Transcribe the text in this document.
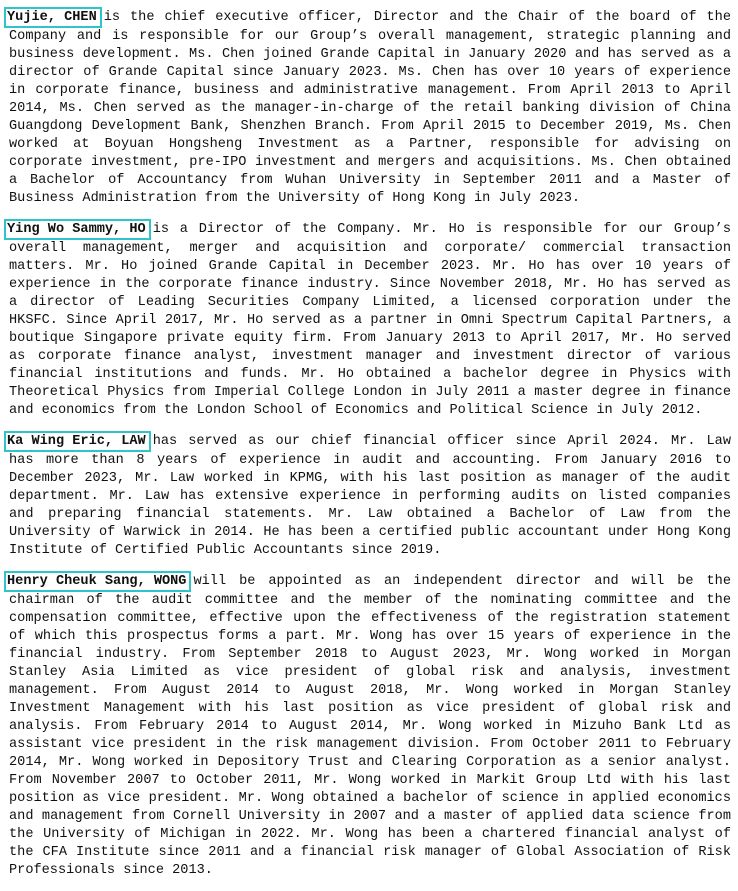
Yujie, CHEN is the chief executive officer, Director and the Chair of the board of the Company and is responsible for our Group’s overall management, strategic planning and business development. Ms. Chen joined Grande Capital in January 2020 and has served as a director of Grande Capital since January 2023. Ms. Chen has over 10 years of experience in corporate finance, business and administrative management. From April 2013 to April 2014, Ms. Chen served as the manager-in-charge of the retail banking division of China Guangdong Development Bank, Shenzhen Branch. From April 2015 to December 2019, Ms. Chen worked at Boyuan Hongsheng Investment as a Partner, responsible for advising on corporate investment, pre-IPO investment and mergers and acquisitions. Ms. Chen obtained a Bachelor of Accountancy from Wuhan University in September 2011 and a Master of Business Administration from the University of Hong Kong in July 2023.

Ying Wo Sammy, HO is a Director of the Company. Mr. Ho is responsible for our Group’s overall management, merger and acquisition and corporate/ commercial transaction matters. Mr. Ho joined Grande Capital in December 2023. Mr. Ho has over 10 years of experience in the corporate finance industry. Since November 2018, Mr. Ho has served as a director of Leading Securities Company Limited, a licensed corporation under the HKSFC. Since April 2017, Mr. Ho served as a partner in Omni Spectrum Capital Partners, a boutique Singapore private equity firm. From January 2013 to April 2017, Mr. Ho served as corporate finance analyst, investment manager and investment director of various financial institutions and funds. Mr. Ho obtained a bachelor degree in Physics with Theoretical Physics from Imperial College London in July 2011 a master degree in finance and economics from the London School of Economics and Political Science in July 2012.

Ka Wing Eric, LAW has served as our chief financial officer since April 2024. Mr. Law has more than 8 years of experience in audit and accounting. From January 2016 to December 2023, Mr. Law worked in KPMG, with his last position as manager of the audit department. Mr. Law has extensive experience in performing audits on listed companies and preparing financial statements. Mr. Law obtained a Bachelor of Law from the University of Warwick in 2014. He has been a certified public accountant under Hong Kong Institute of Certified Public Accountants since 2019.

Henry Cheuk Sang, WONG will be appointed as an independent director and will be the chairman of the audit committee and the member of the nominating committee and the compensation committee, effective upon the effectiveness of the registration statement of which this prospectus forms a part. Mr. Wong has over 15 years of experience in the financial industry. From September 2018 to August 2023, Mr. Wong worked in Morgan Stanley Asia Limited as vice president of global risk and analysis, investment management. From August 2014 to August 2018, Mr. Wong worked in Morgan Stanley Investment Management with his last position as vice president of global risk and analysis. From February 2014 to August 2014, Mr. Wong worked in Mizuho Bank Ltd as assistant vice president in the risk management division. From October 2011 to February 2014, Mr. Wong worked in Depository Trust and Clearing Corporation as a senior analyst. From November 2007 to October 2011, Mr. Wong worked in Markit Group Ltd with his last position as vice president. Mr. Wong obtained a bachelor of science in applied economics and management from Cornell University in 2007 and a master of applied data science from the University of Michigan in 2022. Mr. Wong has been a chartered financial analyst of the CFA Institute since 2011 and a financial risk manager of Global Association of Risk Professionals since 2013.
